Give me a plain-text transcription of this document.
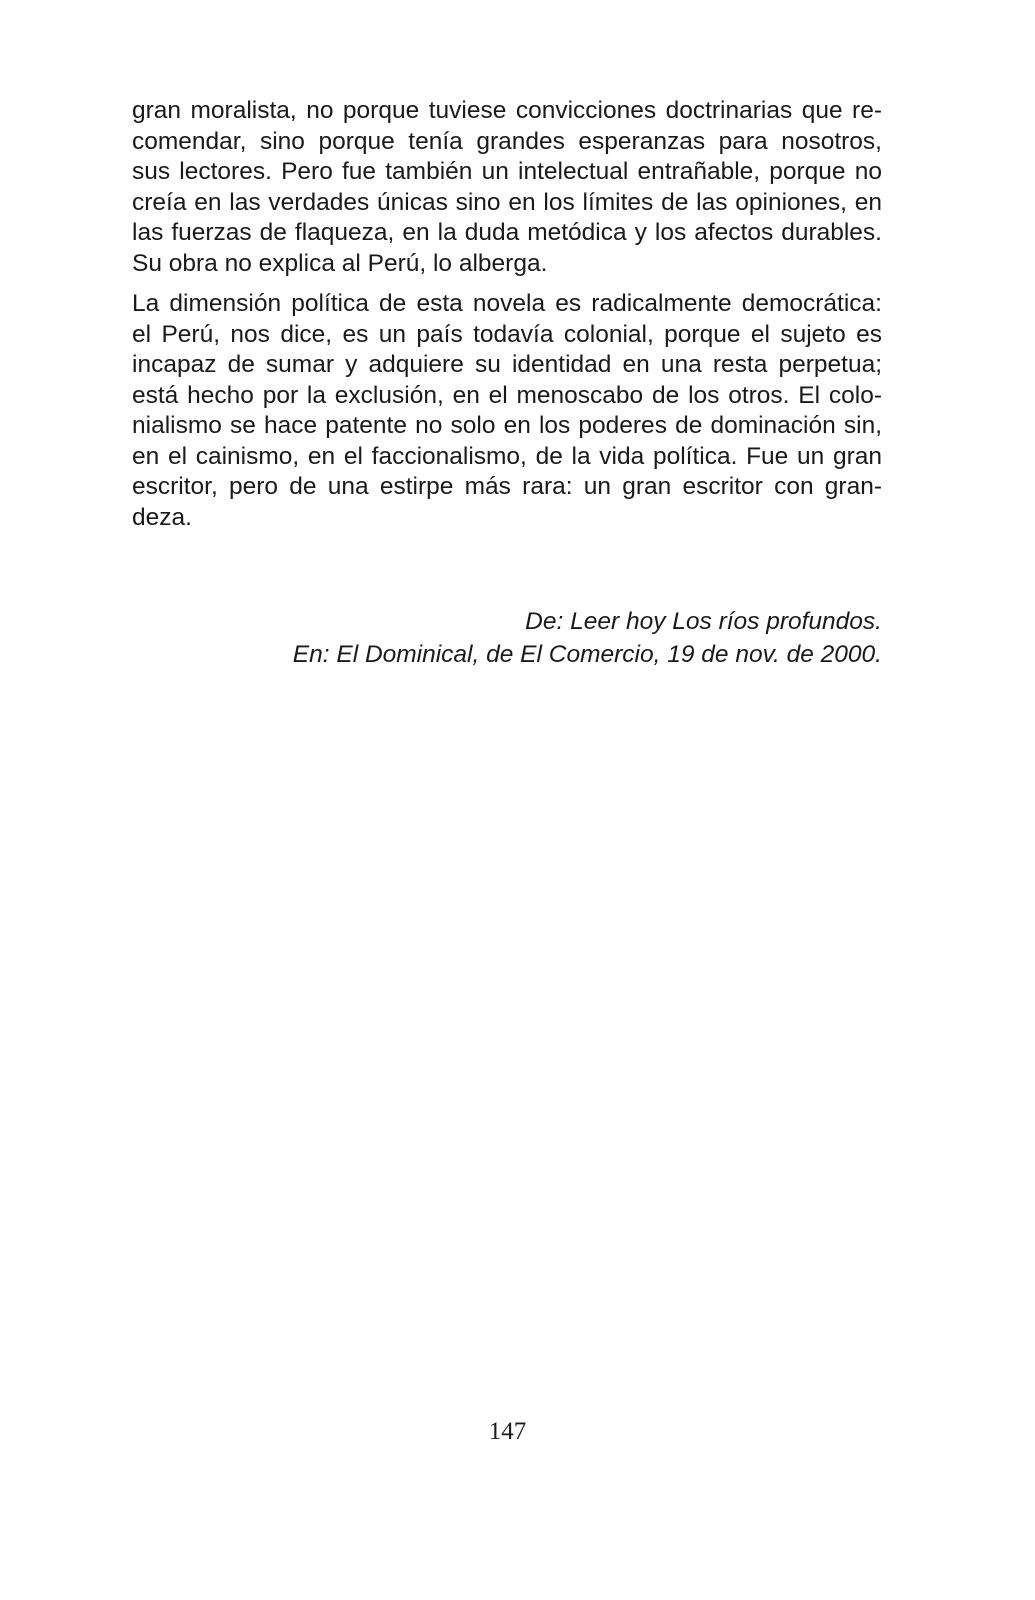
gran moralista, no porque tuviese convicciones doctrinarias que re-
comendar, sino porque tenía grandes esperanzas para nosotros,
sus lectores. Pero fue también un intelectual entrañable, porque no
creía en las verdades únicas sino en los límites de las opiniones, en
las fuerzas de flaqueza, en la duda metódica y los afectos durables.
Su obra no explica al Perú, lo alberga.
La dimensión política de esta novela es radicalmente democrática:
el Perú, nos dice, es un país todavía colonial, porque el sujeto es
incapaz de sumar y adquiere su identidad en una resta perpetua;
está hecho por la exclusión, en el menoscabo de los otros. El colo-
nialismo se hace patente no solo en los poderes de dominación sin,
en el cainismo, en el faccionalismo, de la vida política. Fue un gran
escritor, pero de una estirpe más rara: un gran escritor con gran-
deza.
De: Leer hoy Los ríos profundos.
En: El Dominical, de El Comercio, 19 de nov. de 2000.
147
